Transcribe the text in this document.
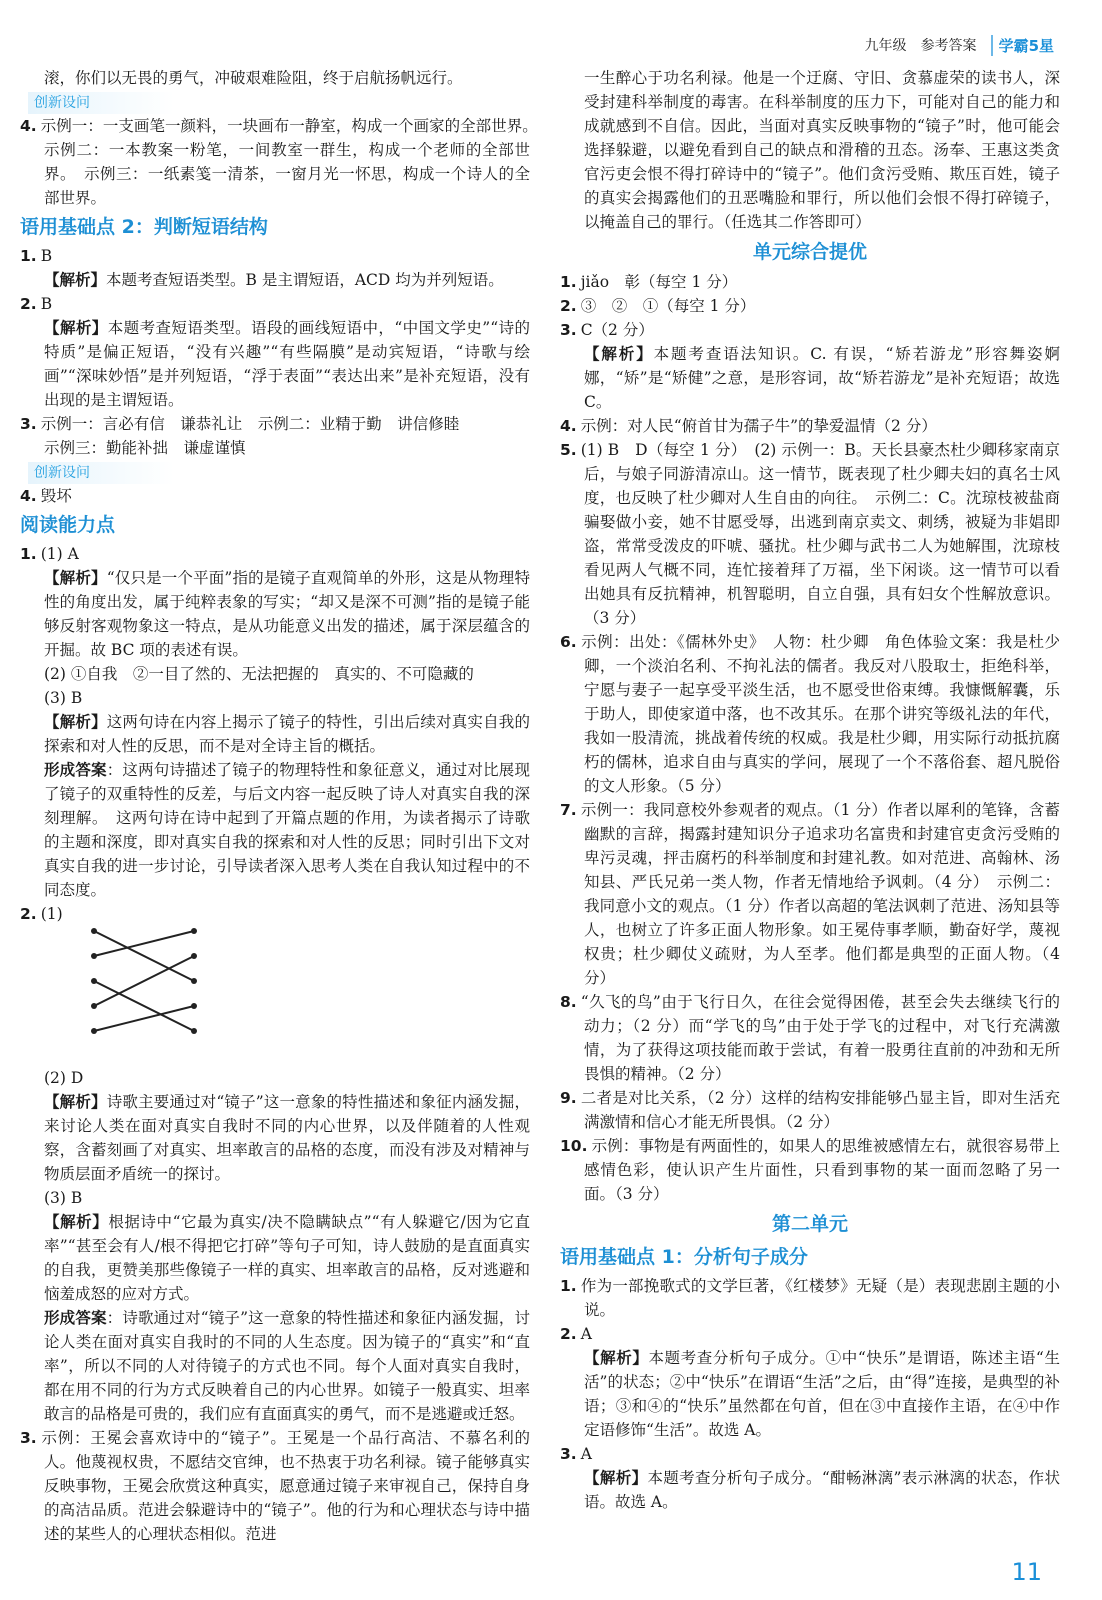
九年级 参考答案	学霸5星

滚，你们以无畏的勇气，冲破艰难险阻，终于启航扬帆远行。

创新设问

4. 示例一：一支画笔一颜料，一块画布一静室，构成一个画家的全部世界。　示例二：一本教案一粉笔，一间教室一群生，构成一个老师的全部世界。　示例三：一纸素笺一清茶，一窗月光一怀思，构成一个诗人的全部世界。

语用基础点 2：判断短语结构

1. B

【 解析 】 本题考查短语类型。B 是主谓短语，ACD 均为并列短语。

2. B

【 解析 】 本题考查短语类型。语段的画线短语中，“中国文学史”“诗的特质”是偏正短语，“没有兴趣”“有些隔膜”是动宾短语，“诗歌与绘画”“深味妙悟”是并列短语，“浮于表面”“表达出来”是补充短语，没有出现的是主谓短语。

3. 示例一：言必有信　谦恭礼让　示例二：业精于勤　讲信修睦

示例三：勤能补拙　谦虚谨慎

创新设问

4. 毁坏

阅读能力点

1. (1) A

【 解析 】 “仅只是一个平面”指的是镜子直观简单的外形，这是从物理特性的角度出发，属于纯粹表象的写实；“却又是深不可测”指的是镜子能够反射客观物象这一特点，是从功能意义出发的描述，属于深层蕴含的开掘。故 BC 项的表述有误。

(2) ①自我　②一目了然的、无法把握的　真实的、不可隐藏的

(3) B

【 解析 】 这两句诗在内容上揭示了镜子的特性，引出后续对真实自我的探索和对人性的反思，而不是对全诗主旨的概括。

形成答案：这两句诗描述了镜子的物理特性和象征意义，通过对比展现了镜子的双重特性的反差，与后文内容一起反映了诗人对真实自我的深刻理解。　这两句诗在诗中起到了开篇点题的作用，为读者揭示了诗歌的主题和深度，即对真实自我的探索和对人性的反思；同时引出下文对真实自我的进一步讨论，引导读者深入思考人类在自我认知过程中的不同态度。

2. (1)

(2) D

【 解析 】 诗歌主要通过对“镜子”这一意象的特性描述和象征内涵发掘，来讨论人类在面对真实自我时不同的内心世界，以及伴随着的人性观察，含蓄刻画了对真实、坦率敢言的品格的态度，而没有涉及对精神与物质层面矛盾统一的探讨。

(3) B

【 解析 】 根据诗中“它最为真实/决不隐瞒缺点”“有人躲避它/因为它直率”“甚至会有人/根不得把它打碎”等句子可知，诗人鼓励的是直面真实的自我，更赞美那些像镜子一样的真实、坦率敢言的品格，反对逃避和恼羞成怒的应对方式。

形成答案：诗歌通过对“镜子”这一意象的特性描述和象征内涵发掘，讨论人类在面对真实自我时的不同的人生态度。因为镜子的“真实”和“直率”，所以不同的人对待镜子的方式也不同。每个人面对真实自我时，都在用不同的行为方式反映着自己的内心世界。如镜子一般真实、坦率敢言的品格是可贵的，我们应有直面真实的勇气，而不是逃避或迁怒。

3. 示例：王冕会喜欢诗中的“镜子”。王冕是一个品行高洁、不慕名利的人。他蔑视权贵，不愿结交官绅，也不热衷于功名利禄。镜子能够真实反映事物，王冕会欣赏这种真实，愿意通过镜子来审视自己，保持自身的高洁品质。范进会躲避诗中的“镜子”。他的行为和心理状态与诗中描述的某些人的心理状态相似。范进

一生醉心于功名利禄。他是一个迂腐、守旧、贪慕虚荣的读书人，深受封建科举制度的毒害。在科举制度的压力下，可能对自己的能力和成就感到不自信。因此，当面对真实反映事物的“镜子”时，他可能会选择躲避，以避免看到自己的缺点和滑稽的丑态。汤奉、王惠这类贪官污吏会恨不得打碎诗中的“镜子”。他们贪污受贿、欺压百姓，镜子的真实会揭露他们的丑恶嘴脸和罪行，所以他们会恨不得打碎镜子，以掩盖自己的罪行。（任选其二作答即可）

单元综合提优

1. jiǎo　彰（每空 1 分）

2. ③　②　①（每空 1 分）

3. C（2 分）

【 解析 】 本题考查语法知识。C. 有误，“矫若游龙”形容舞姿婀娜，“矫”是“矫健”之意，是形容词，故“矫若游龙”是补充短语；故选 C。

4. 示例：对人民“俯首甘为孺子牛”的挚爱温情（2 分）

5. (1) B　D（每空 1 分）　(2) 示例一：B。天长县豪杰杜少卿移家南京后，与娘子同游清凉山。这一情节，既表现了杜少卿夫妇的真名士风度，也反映了杜少卿对人生自由的向往。　示例二：C。沈琼枝被盐商骗娶做小妾，她不甘愿受辱，出逃到南京卖文、刺绣，被疑为非娼即盗，常常受泼皮的吓唬、骚扰。杜少卿与武书二人为她解围，沈琼枝看见两人气概不同，连忙接着拜了万福，坐下闲谈。这一情节可以看出她具有反抗精神，机智聪明，自立自强，具有妇女个性解放意识。（3 分）

6. 示例：出处：《儒林外史》　人物：杜少卿　角色体验文案：我是杜少卿，一个淡泊名利、不拘礼法的儒者。我反对八股取士，拒绝科举，宁愿与妻子一起享受平淡生活，也不愿受世俗束缚。我慷慨解囊，乐于助人，即使家道中落，也不改其乐。在那个讲究等级礼法的年代，我如一股清流，挑战着传统的权威。我是杜少卿，用实际行动抵抗腐朽的儒林，追求自由与真实的学问，展现了一个不落俗套、超凡脱俗的文人形象。（5 分）

7. 示例一：我同意校外参观者的观点。（1 分）作者以犀利的笔锋，含蓄幽默的言辞，揭露封建知识分子追求功名富贵和封建官吏贪污受贿的卑污灵魂，抨击腐朽的科举制度和封建礼教。如对范进、高翰林、汤知县、严氏兄弟一类人物，作者无情地给予讽刺。（4 分）　示例二：我同意小文的观点。（1 分）作者以高超的笔法讽刺了范进、汤知县等人，也树立了许多正面人物形象。如王冕侍事孝顺，勤奋好学，蔑视权贵；杜少卿仗义疏财，为人至孝。他们都是典型的正面人物。（4 分）

8. “久飞的鸟”由于飞行日久，在往会觉得困倦，甚至会失去继续飞行的动力；（2 分）而“学飞的鸟”由于处于学飞的过程中，对飞行充满激情，为了获得这项技能而敢于尝试，有着一股勇往直前的冲劲和无所畏惧的精神。（2 分）

9. 二者是对比关系，（2 分）这样的结构安排能够凸显主旨，即对生活充满激情和信心才能无所畏惧。（2 分）

10. 示例：事物是有两面性的，如果人的思维被感情左右，就很容易带上感情色彩，使认识产生片面性，只看到事物的某一面而忽略了另一面。（3 分）

第二单元
语用基础点 1：分析句子成分

1. 作为一部挽歌式的文学巨著，《红楼梦》无疑（是）表现悲剧主题的小说。

2. A

【 解析 】 本题考查分析句子成分。①中“快乐”是谓语，陈述主语“生活”的状态；②中“快乐”在谓语“生活”之后，由“得”连接，是典型的补语；③和④的“快乐”虽然都在句首，但在③中直接作主语，在④中作定语修饰“生活”。故选 A。

3. A

【 解析 】 本题考查分析句子成分。“酣畅淋漓”表示淋漓的状态，作状语。故选 A。

11
